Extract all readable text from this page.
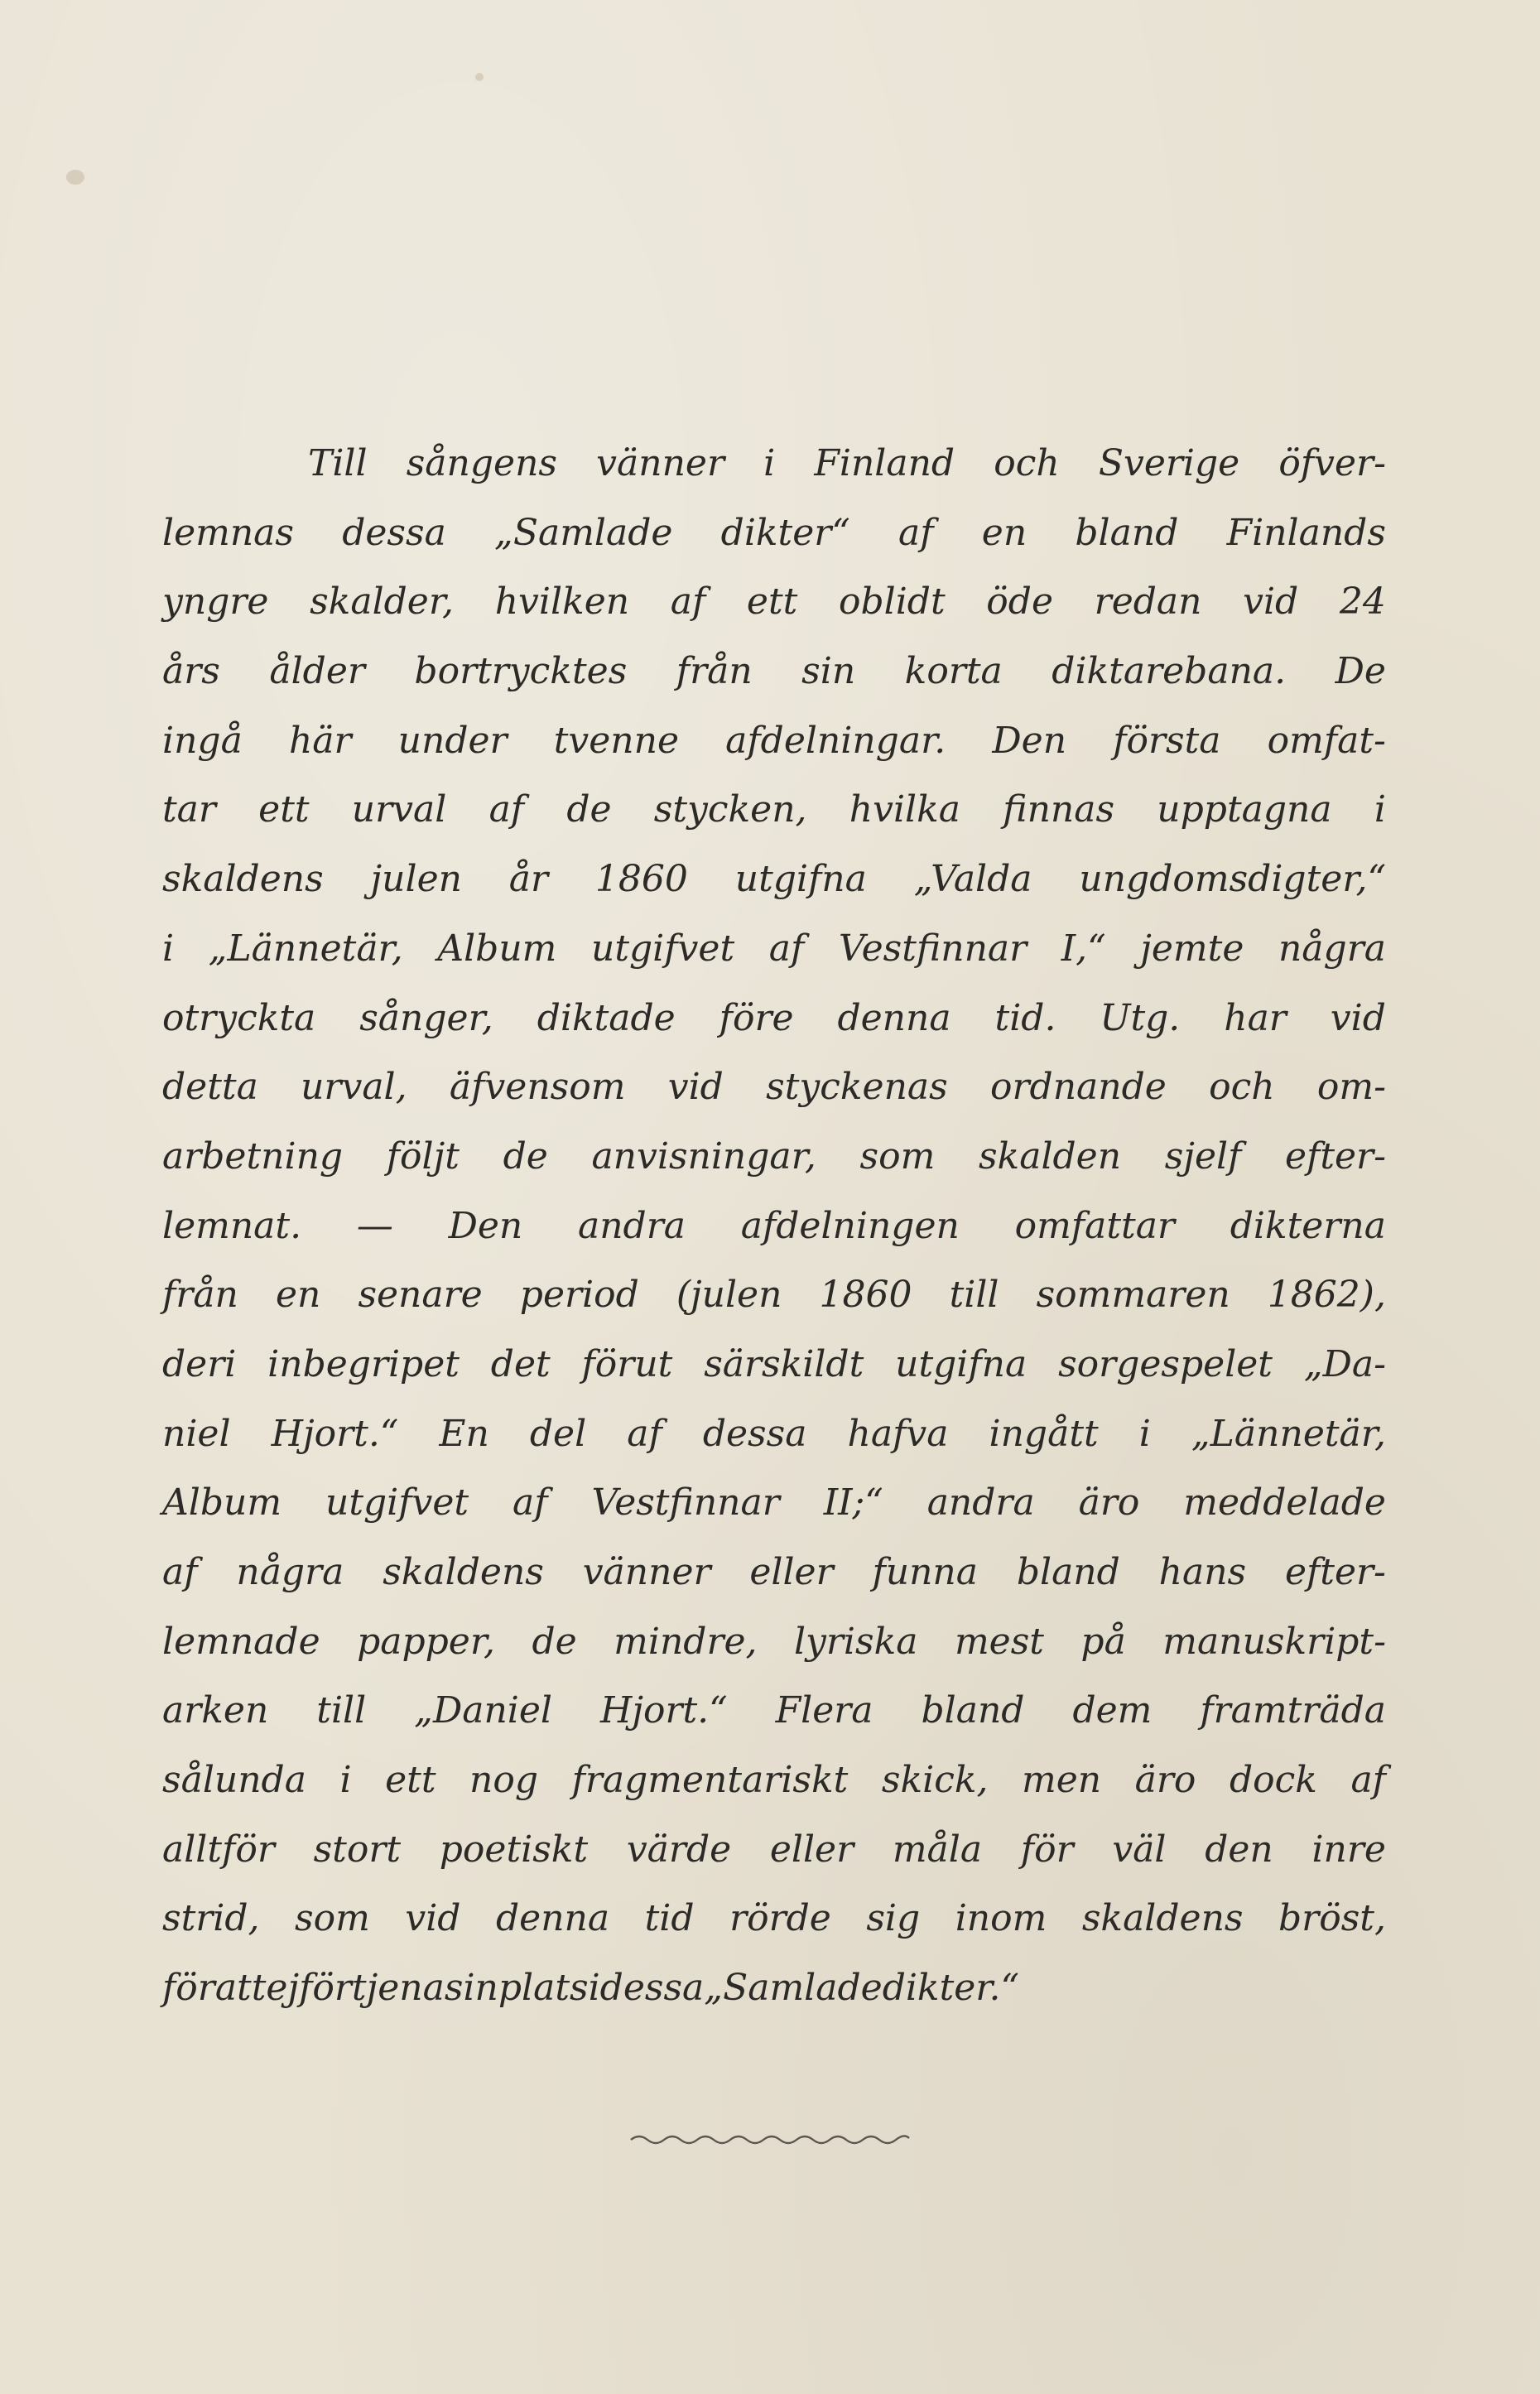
Till sångens vänner i Finland och Sverige öfver-
lemnas dessa „Samlade dikter“ af en bland Finlands
yngre skalder, hvilken af ett oblidt öde redan vid 24
års ålder bortrycktes från sin korta diktarebana. De
ingå här under tvenne afdelningar. Den första omfat-
tar ett urval af de stycken, hvilka finnas upptagna i
skaldens julen år 1860 utgifna „Valda ungdomsdigter,“
i „Lännetär, Album utgifvet af Vestfinnar I,“ jemte några
otryckta sånger, diktade före denna tid. Utg. har vid
detta urval, äfvensom vid styckenas ordnande och om-
arbetning följt de anvisningar, som skalden sjelf efter-
lemnat. — Den andra afdelningen omfattar dikterna
från en senare period (julen 1860 till sommaren 1862),
deri inbegripet det förut särskildt utgifna sorgespelet „Da-
niel Hjort.“ En del af dessa hafva ingått i „Lännetär,
Album utgifvet af Vestfinnar II;“ andra äro meddelade
af några skaldens vänner eller funna bland hans efter-
lemnade papper, de mindre, lyriska mest på manuskript-
arken till „Daniel Hjort.“ Flera bland dem framträda
sålunda i ett nog fragmentariskt skick, men äro dock af
alltför stort poetiskt värde eller måla för väl den inre
strid, som vid denna tid rörde sig inom skaldens bröst,
för att ej förtjena sin plats i dessa „Samlade dikter.“
